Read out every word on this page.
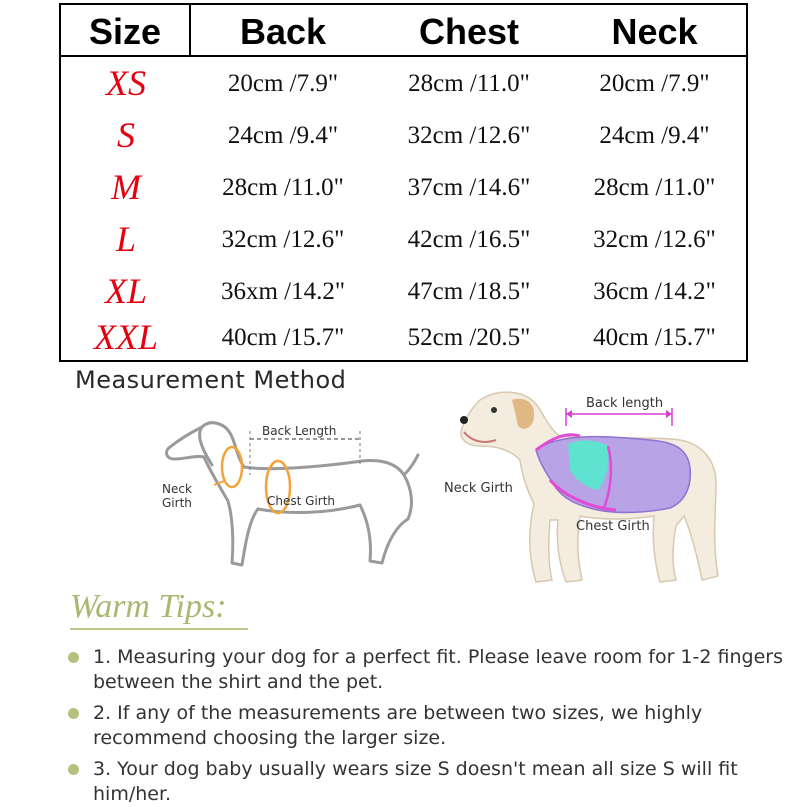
Size	Back	Chest	Neck
XS	20cm /7.9"	28cm /11.0"	20cm /7.9"
S	24cm /9.4"	32cm /12.6"	24cm /9.4"
M	28cm /11.0"	37cm /14.6"	28cm /11.0"
L	32cm /12.6"	42cm /16.5"	32cm /12.6"
XL	36xm /14.2"	47cm /18.5"	36cm /14.2"
XXL	40cm /15.7"	52cm /20.5"	40cm /15.7"
Measurement Method
Back Length
Neck
Girth	Chest Girth
Back length
Neck Girth
Chest Girth
Warm Tips:
1. Measuring your dog for a perfect fit. Please leave room for 1-2 fingers between the shirt and the pet.
2. If any of the measurements are between two sizes, we highly recommend choosing the larger size.
3. Your dog baby usually wears size S doesn't mean all size S will fit him/her.
